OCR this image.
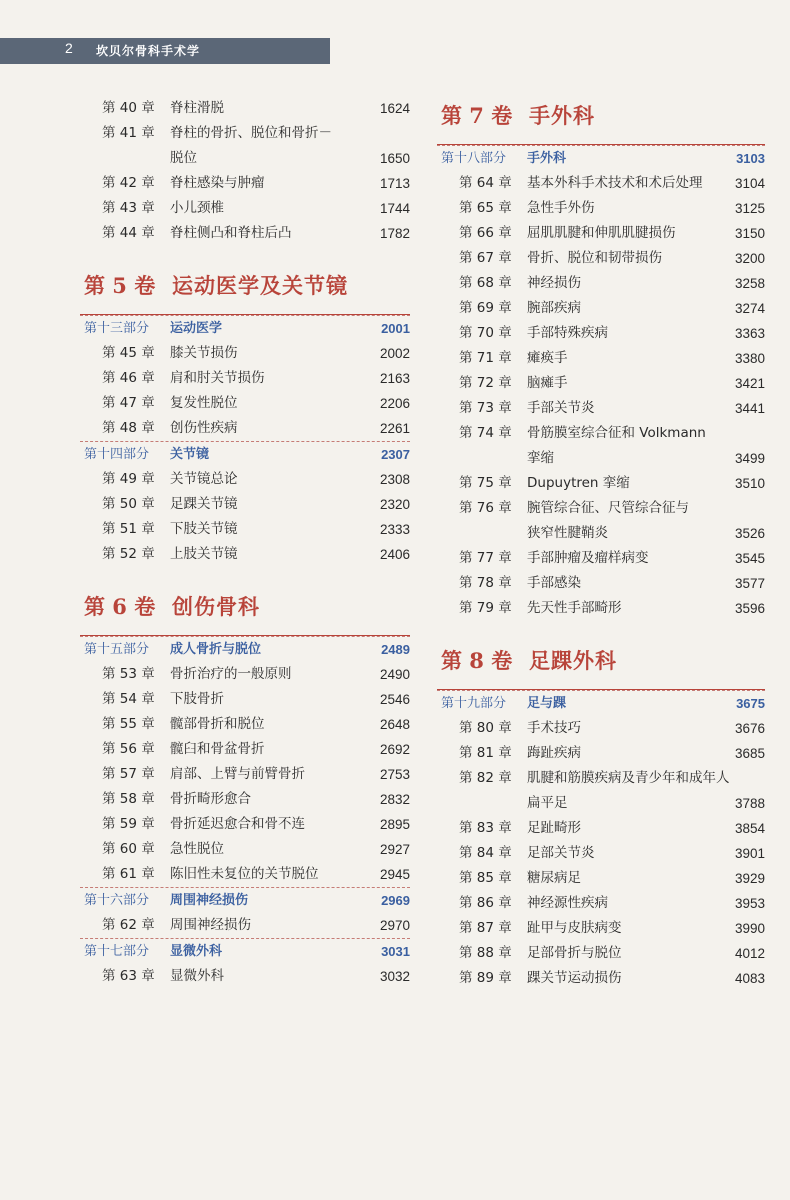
2 坎贝尔骨科手术学
第 40 章 脊柱滑脱	1624
第 41 章 脊柱的骨折、脱位和骨折－
脱位	1650
第 42 章 脊柱感染与肿瘤	1713
第 43 章 小儿颈椎	1744
第 44 章 脊柱侧凸和脊柱后凸	1782
第 5 卷 运动医学及关节镜
第十三部分 运动医学	2001
第 45 章 膝关节损伤	2002
第 46 章 肩和肘关节损伤	2163
第 47 章 复发性脱位	2206
第 48 章 创伤性疾病	2261
第十四部分 关节镜	2307
第 49 章 关节镜总论	2308
第 50 章 足踝关节镜	2320
第 51 章 下肢关节镜	2333
第 52 章 上肢关节镜	2406
第 6 卷 创伤骨科
第十五部分 成人骨折与脱位	2489
第 53 章 骨折治疗的一般原则	2490
第 54 章 下肢骨折	2546
第 55 章 髋部骨折和脱位	2648
第 56 章 髋臼和骨盆骨折	2692
第 57 章 肩部、上臂与前臂骨折	2753
第 58 章 骨折畸形愈合	2832
第 59 章 骨折延迟愈合和骨不连	2895
第 60 章 急性脱位	2927
第 61 章 陈旧性未复位的关节脱位	2945
第十六部分 周围神经损伤	2969
第 62 章 周围神经损伤	2970
第十七部分 显微外科	3031
第 63 章 显微外科	3032
第 7 卷 手外科
第十八部分 手外科	3103
第 64 章 基本外科手术技术和术后处理 3104
第 65 章 急性手外伤	3125
第 66 章 屈肌肌腱和伸肌肌腱损伤	3150
第 67 章 骨折、脱位和韧带损伤	3200
第 68 章 神经损伤	3258
第 69 章 腕部疾病	3274
第 70 章 手部特殊疾病	3363
第 71 章 瘫痪手	3380
第 72 章 脑瘫手	3421
第 73 章 手部关节炎	3441
第 74 章 骨筋膜室综合征和 Volkmann
挛缩	3499
第 75 章 Dupuytren 挛缩	3510
第 76 章 腕管综合征、尺管综合征与
狭窄性腱鞘炎	3526
第 77 章 手部肿瘤及瘤样病变	3545
第 78 章 手部感染	3577
第 79 章 先天性手部畸形	3596
第 8 卷 足踝外科
第十九部分 足与踝	3675
第 80 章 手术技巧	3676
第 81 章 踇趾疾病	3685
第 82 章 肌腱和筋膜疾病及青少年和成年人
扁平足	3788
第 83 章 足趾畸形	3854
第 84 章 足部关节炎	3901
第 85 章 糖尿病足	3929
第 86 章 神经源性疾病	3953
第 87 章 趾甲与皮肤病变	3990
第 88 章 足部骨折与脱位	4012
第 89 章 踝关节运动损伤	4083
